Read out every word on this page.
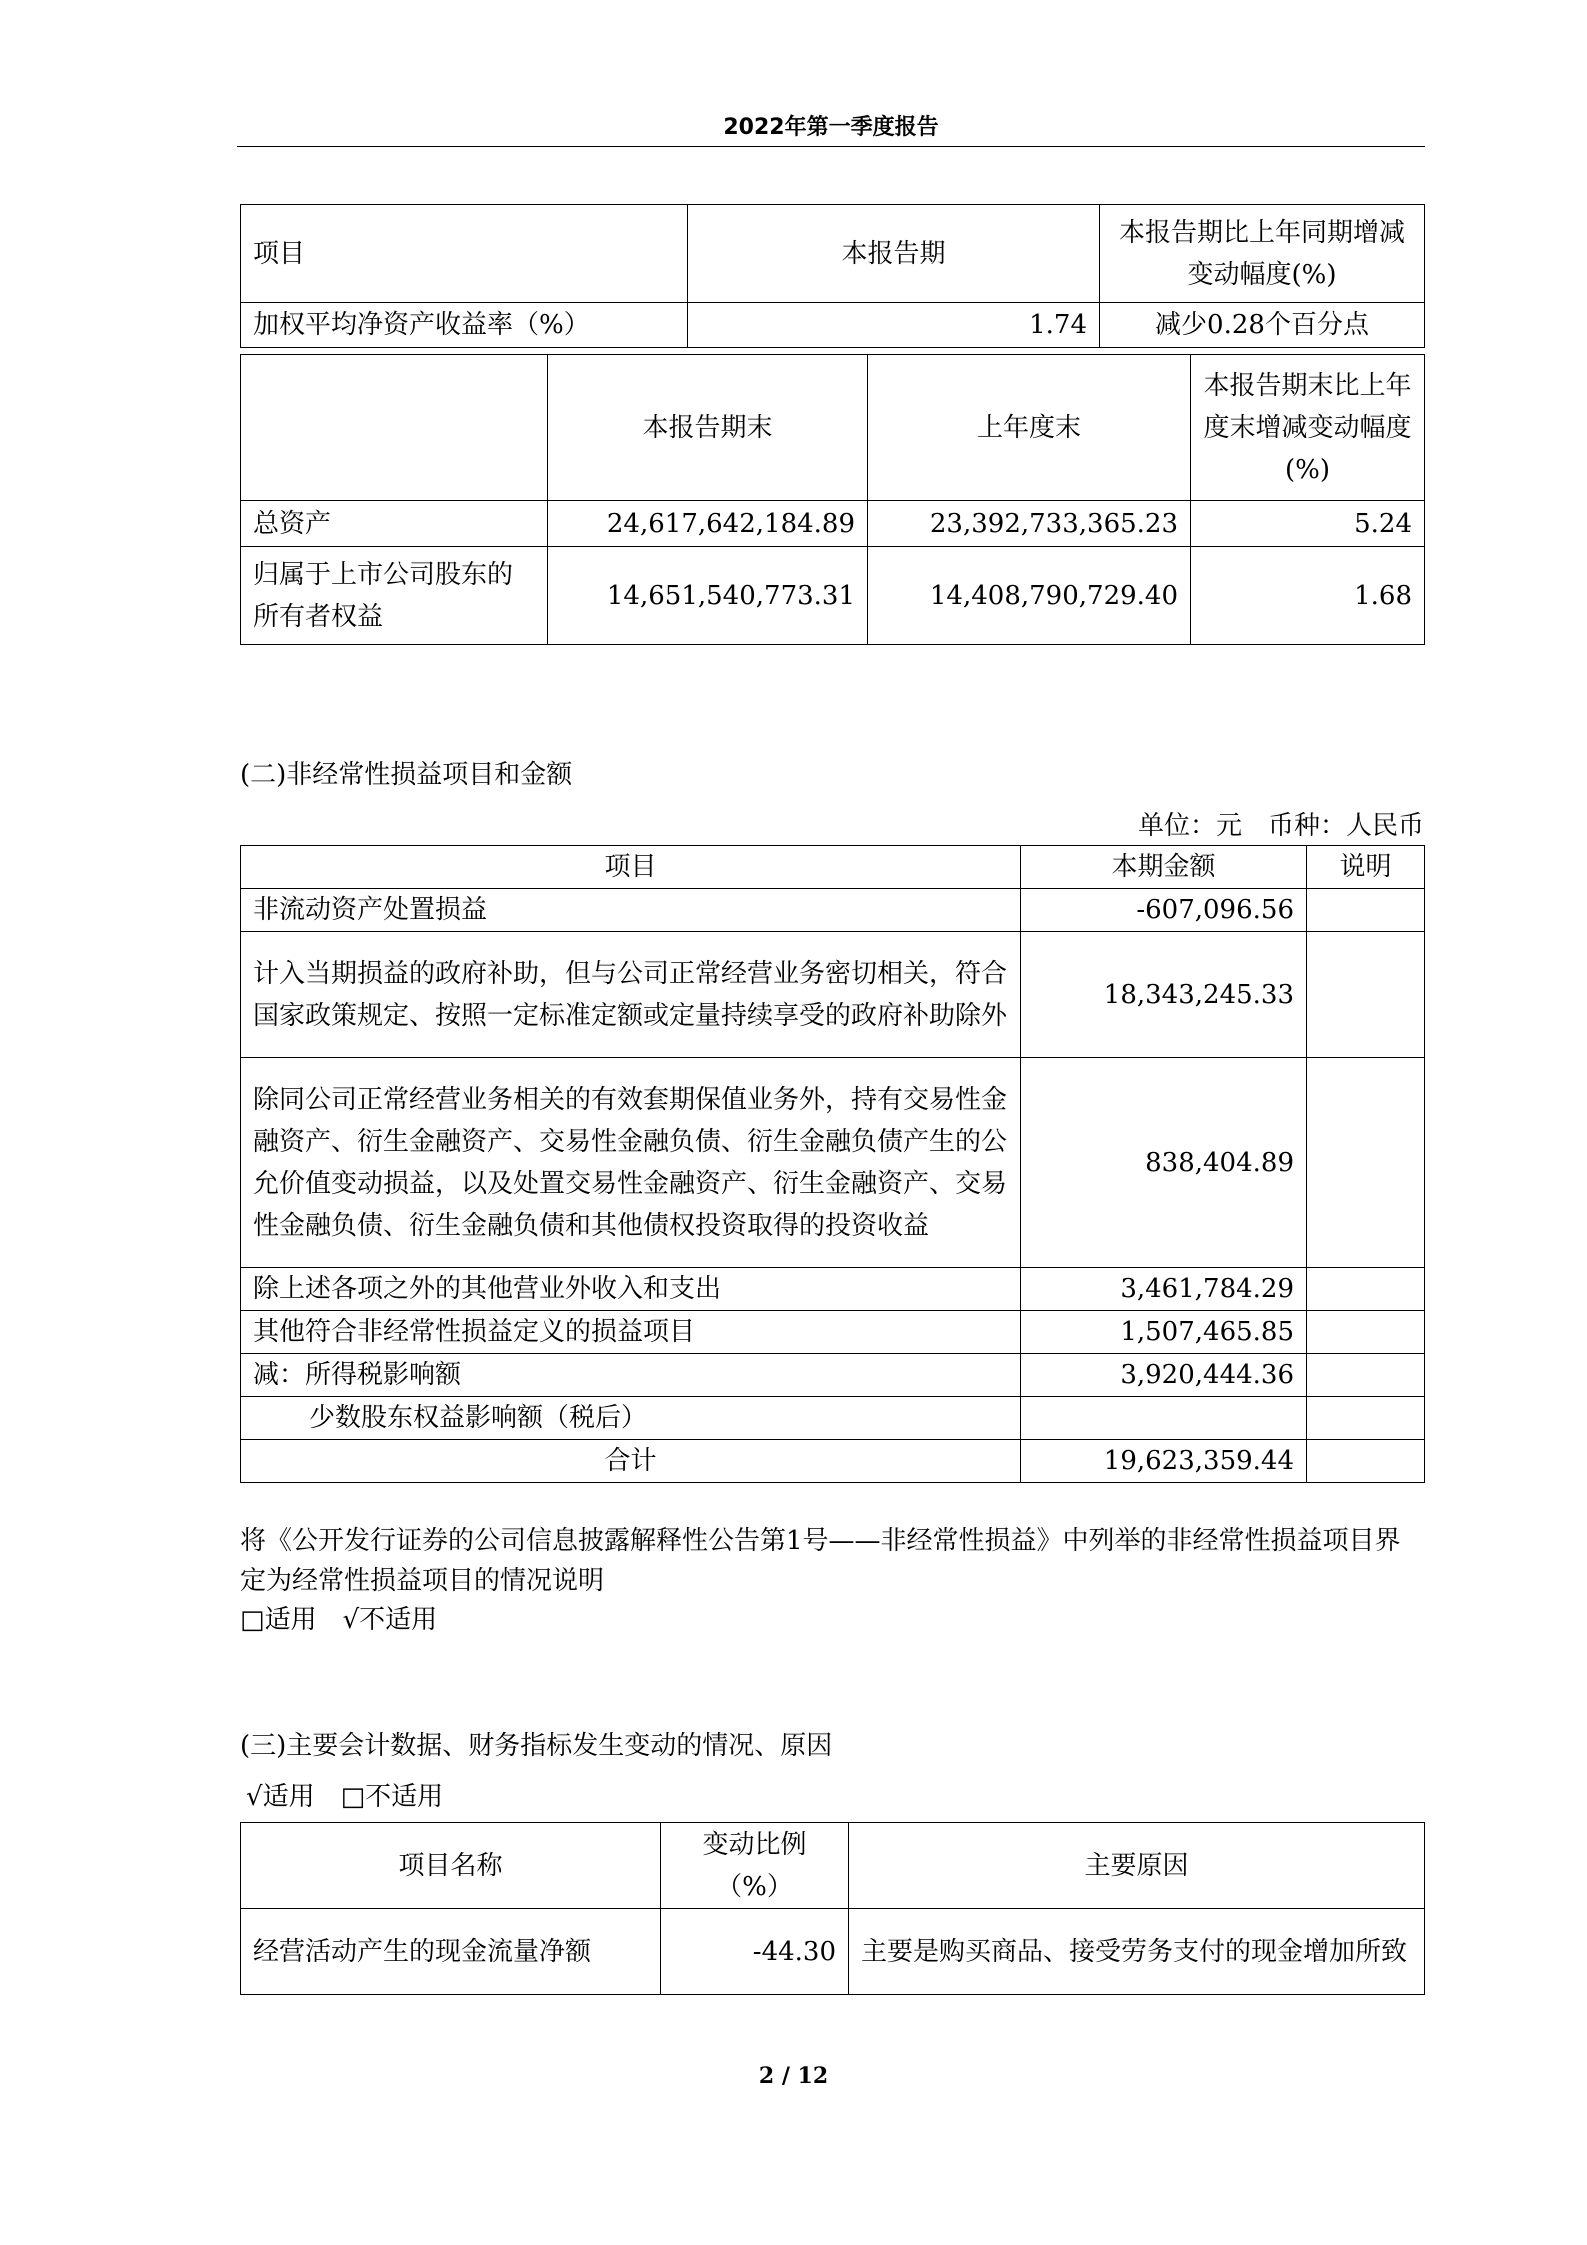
2022年第一季度报告
项目	本报告期	本报告期比上年同期增减变动幅度(%)
加权平均净资产收益率（%）	1.74	减少0.28个百分点
	本报告期末	上年度末	本报告期末比上年度末增减变动幅度(%)
总资产	24,617,642,184.89	23,392,733,365.23	5.24
归属于上市公司股东的所有者权益	14,651,540,773.31	14,408,790,729.40	1.68
(二)非经常性损益项目和金额
单位：元　币种：人民币
项目	本期金额	说明
非流动资产处置损益	-607,096.56	
计入当期损益的政府补助，但与公司正常经营业务密切相关，符合国家政策规定、按照一定标准定额或定量持续享受的政府补助除外	18,343,245.33	
除同公司正常经营业务相关的有效套期保值业务外，持有交易性金融资产、衍生金融资产、交易性金融负债、衍生金融负债产生的公允价值变动损益，以及处置交易性金融资产、衍生金融资产、交易性金融负债、衍生金融负债和其他债权投资取得的投资收益	838,404.89	
除上述各项之外的其他营业外收入和支出	3,461,784.29	
其他符合非经常性损益定义的损益项目	1,507,465.85	
减：所得税影响额	3,920,444.36	
少数股东权益影响额（税后）		
合计	19,623,359.44	
将《公开发行证券的公司信息披露解释性公告第1号——非经常性损益》中列举的非经常性损益项目界定为经常性损益项目的情况说明
□适用　√不适用
(三)主要会计数据、财务指标发生变动的情况、原因
√适用　□不适用
项目名称	变动比例（%）	主要原因
经营活动产生的现金流量净额	-44.30	主要是购买商品、接受劳务支付的现金增加所致
2 / 12
